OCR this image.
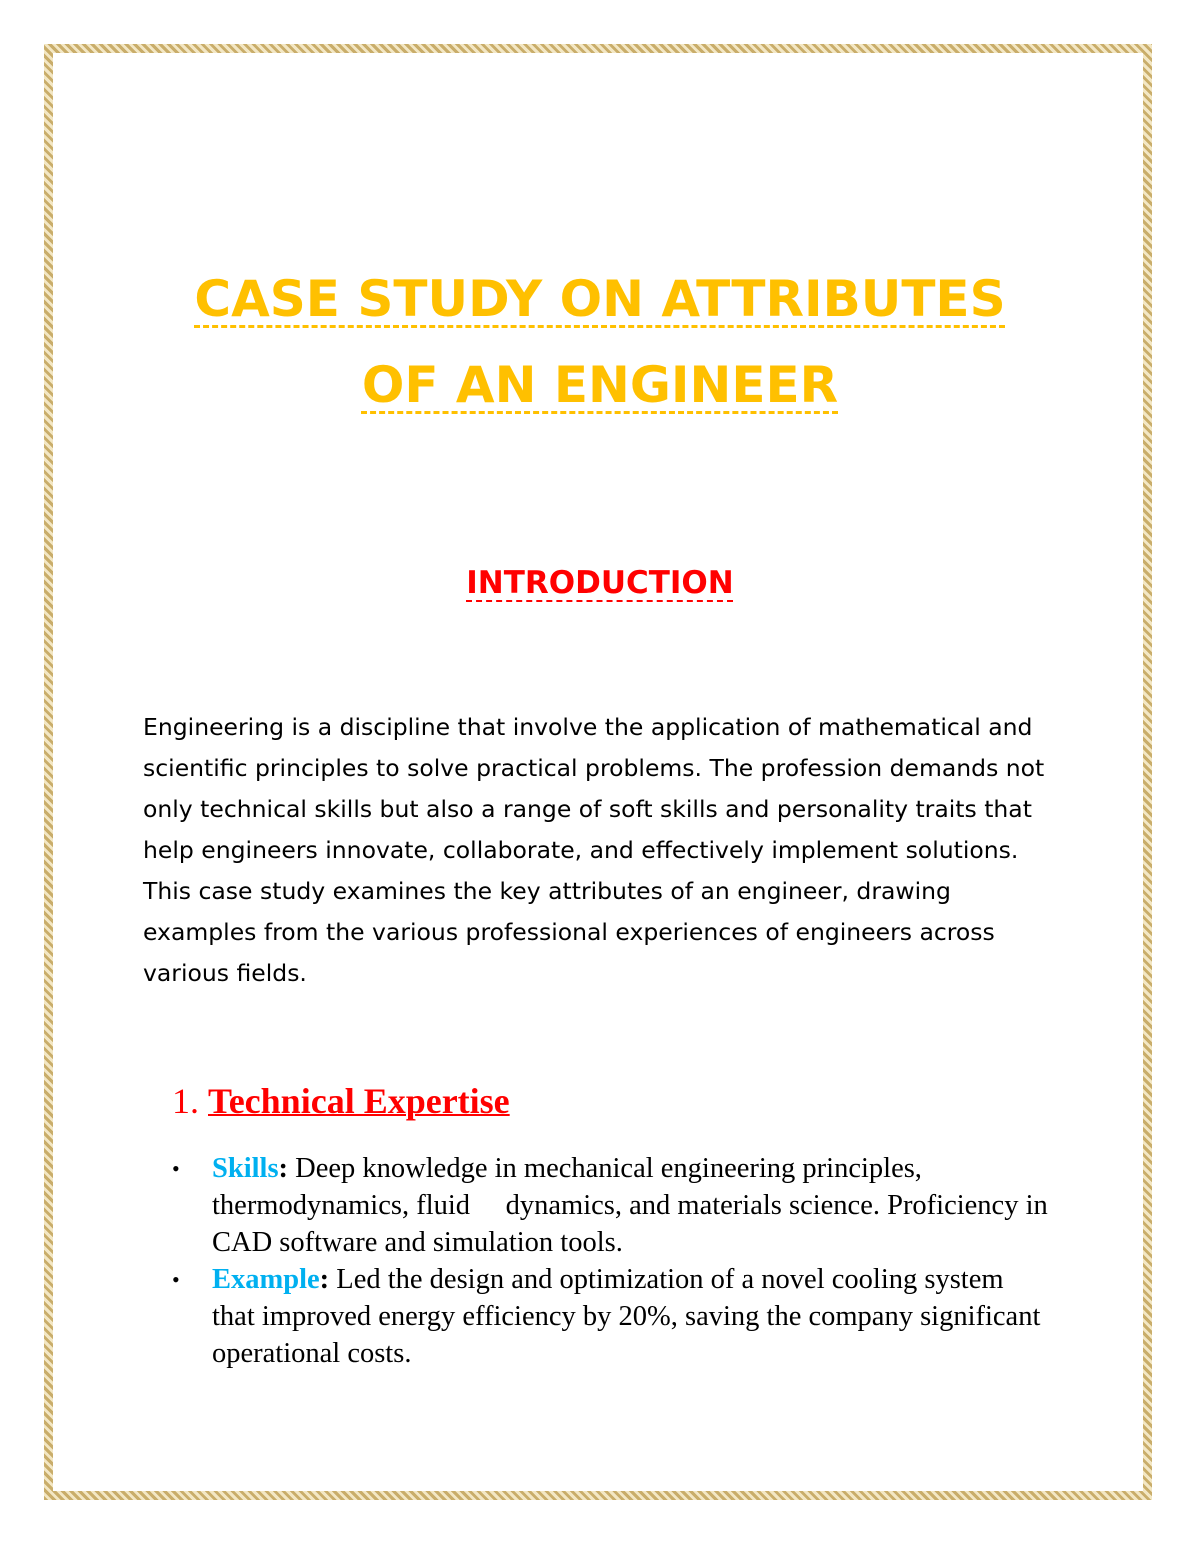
CASE STUDY ON ATTRIBUTES
OF AN ENGINEER
INTRODUCTION

Engineering is a discipline that involve the application of mathematical and scientific principles to solve practical problems. The profession demands not only technical skills but also a range of soft skills and personality traits that help engineers innovate, collaborate, and effectively implement solutions. This case study examines the key attributes of an engineer, drawing examples from the various professional experiences of engineers across various fields.

1. Technical Expertise
• Skills: Deep knowledge in mechanical engineering principles, thermodynamics, fluid     dynamics, and materials science. Proficiency in CAD software and simulation tools.
• Example: Led the design and optimization of a novel cooling system that improved energy efficiency by 20%, saving the company significant operational costs.
